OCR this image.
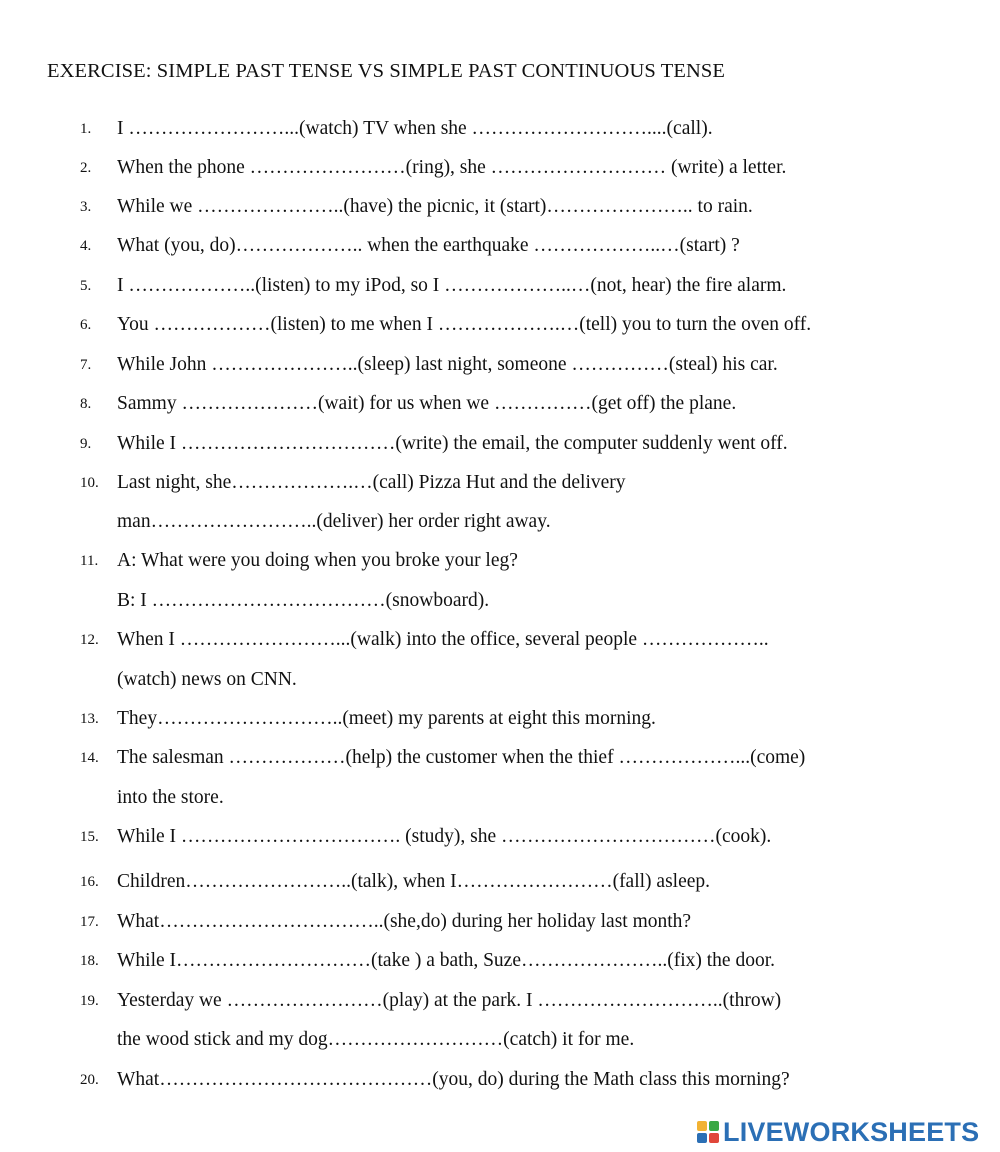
EXERCISE: SIMPLE PAST TENSE VS SIMPLE PAST CONTINUOUS TENSE
1.	I ……………………...(watch) TV when she ………………………....(call).
2.	When the phone ……………………(ring), she ……………………… (write) a letter.
3.	While we …………………..(have) the picnic, it (start)………………….. to rain.
4.	What (you, do)……………….. when the earthquake ………………..…(start) ?
5.	I ………………..(listen) to my iPod, so I ………………..…(not, hear) the fire alarm.
6.	You ………………(listen) to me when I ……………….…(tell) you to turn the oven off.
7.	While John …………………..(sleep) last night, someone ……………(steal) his car.
8.	Sammy …………………(wait) for us when we ……………(get off) the plane.
9.	While I ……………………………(write) the email, the computer suddenly went off.
10. Last night, she……………….…(call) Pizza Hut and the delivery
man……………………..(deliver) her order right away.
11. A: What were you doing when you broke your leg?
B: I ………………………………(snowboard).
12. When I ……………………...(walk) into the office, several people ………………..
(watch) news on CNN.
13. They………………………..(meet) my parents at eight this morning.
14. The salesman ………………(help) the customer when the thief ………………...(come)
into the store.
15. While I ……………………………. (study), she ……………………………(cook).
16. Children……………………..(talk), when I……………………(fall) asleep.
17. What……………………………..(she,do) during her holiday last month?
18. While I…………………………(take ) a bath, Suze…………………..(fix) the door.
19. Yesterday we ……………………(play) at the park. I ………………………..(throw)
the wood stick and my dog………………………(catch) it for me.
20. What……………………………………(you, do) during the Math class this morning?
LIVEWORKSHEETS
